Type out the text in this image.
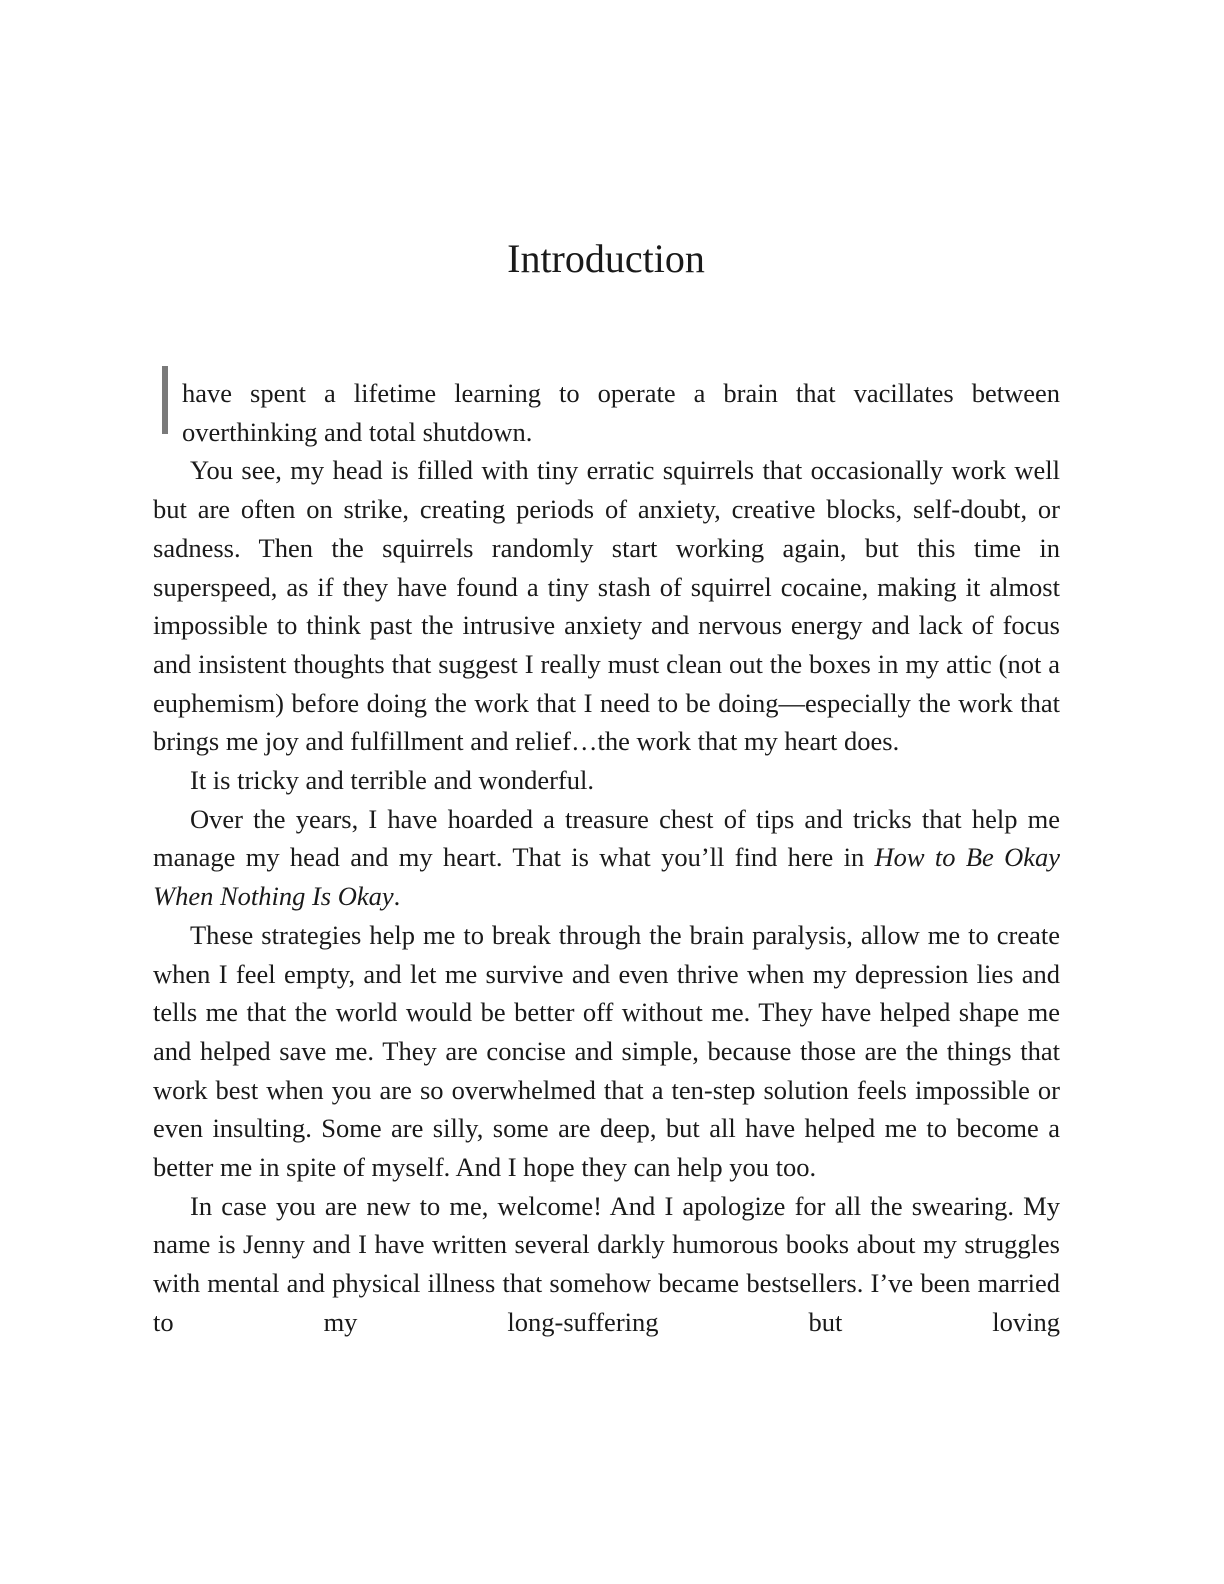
Introduction

have spent a lifetime learning to operate a brain that vacillates between overthinking and total shutdown.

You see, my head is filled with tiny erratic squirrels that occasionally work well but are often on strike, creating periods of anxiety, creative blocks, self-doubt, or sadness. Then the squirrels randomly start working again, but this time in superspeed, as if they have found a tiny stash of squirrel cocaine, making it almost impossible to think past the intrusive anxiety and nervous energy and lack of focus and insistent thoughts that suggest I really must clean out the boxes in my attic (not a euphemism) before doing the work that I need to be doing—especially the work that brings me joy and fulfillment and relief…the work that my heart does.

It is tricky and terrible and wonderful.

Over the years, I have hoarded a treasure chest of tips and tricks that help me manage my head and my heart. That is what you’ll find here in How to Be Okay When Nothing Is Okay.

These strategies help me to break through the brain paralysis, allow me to create when I feel empty, and let me survive and even thrive when my depression lies and tells me that the world would be better off without me. They have helped shape me and helped save me. They are concise and simple, because those are the things that work best when you are so overwhelmed that a ten-step solution feels impossible or even insulting. Some are silly, some are deep, but all have helped me to become a better me in spite of myself. And I hope they can help you too.

In case you are new to me, welcome! And I apologize for all the swearing. My name is Jenny and I have written several darkly humorous books about my struggles with mental and physical illness that somehow became bestsellers. I’ve been married to my long-suffering but loving
